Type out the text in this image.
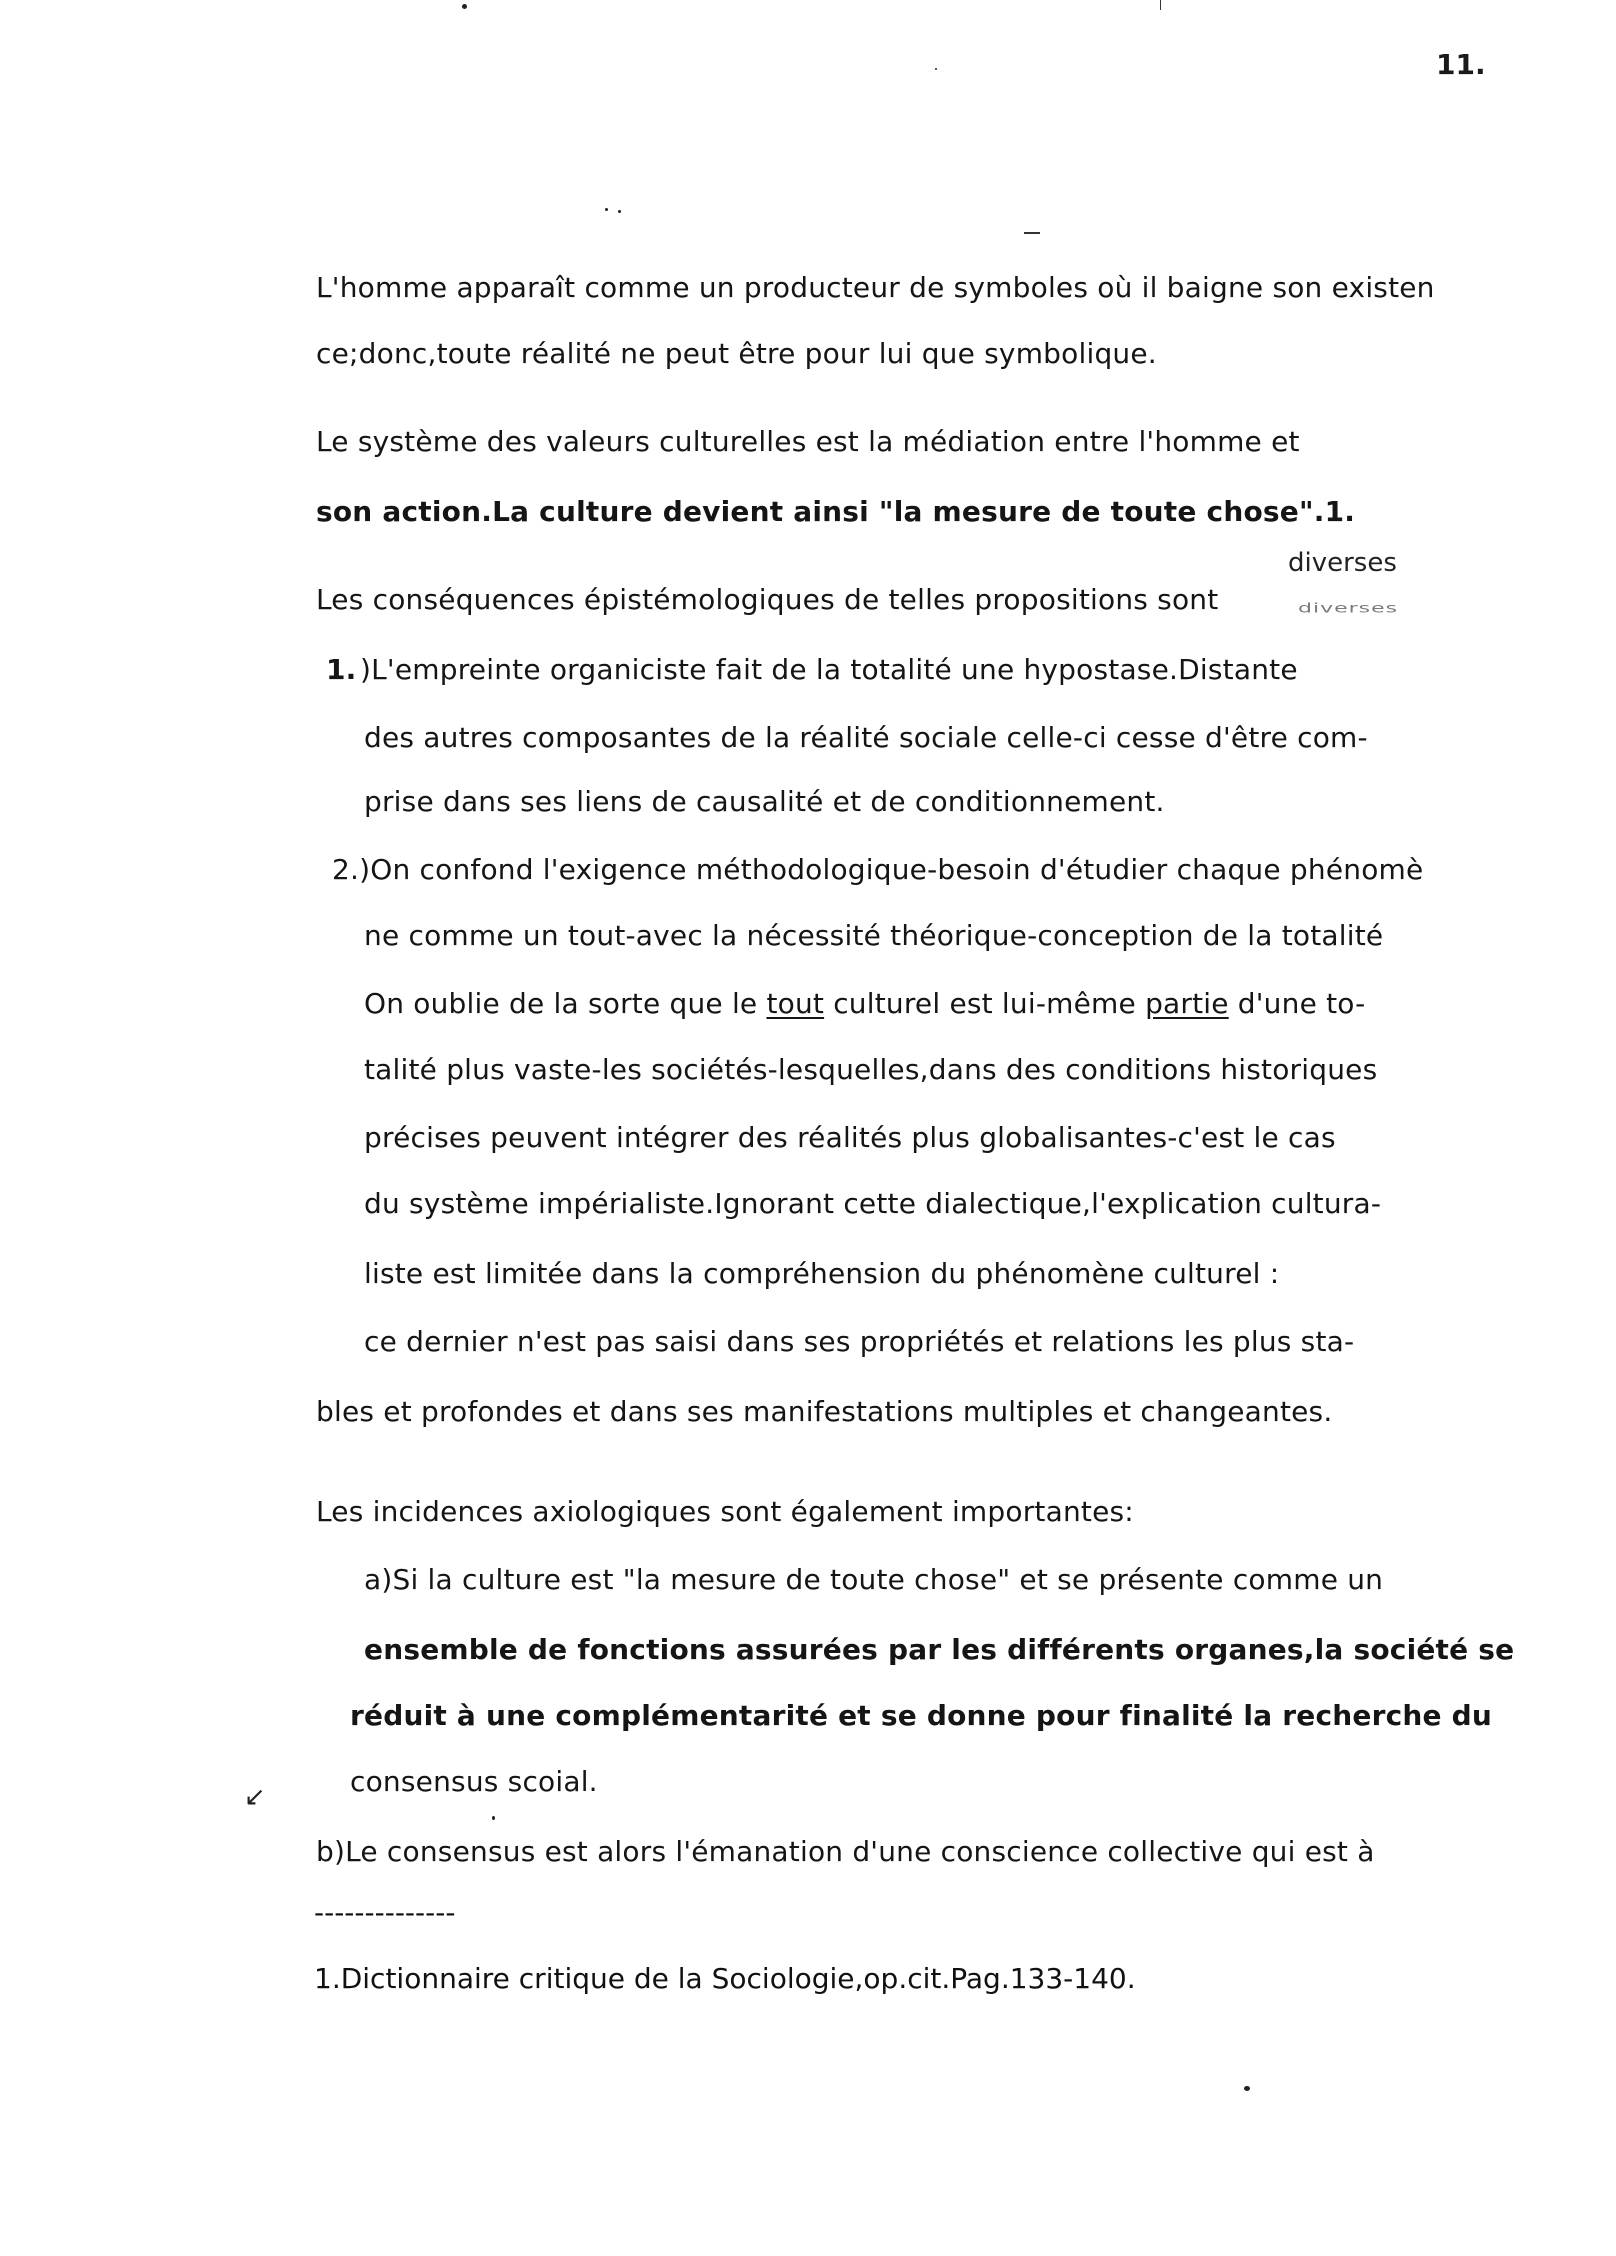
11.
L'homme apparaît comme un producteur de symboles où il baigne son existen
ce;donc,toute réalité ne peut être pour lui que symbolique.
Le système des valeurs culturelles est la médiation entre l'homme et
son action.La culture devient ainsi "la mesure de toute chose".1.
diverses
Les conséquences épistémologiques de telles propositions sont	diverses
1. )L'empreinte organiciste fait de la totalité une hypostase.Distante
des autres composantes de la réalité sociale celle-ci cesse d'être com-
prise dans ses liens de causalité et de conditionnement.
2.)On confond l'exigence méthodologique-besoin d'étudier chaque phénomè
ne comme un tout-avec la nécessité théorique-conception de la totalité
On oublie de la sorte que le tout culturel est lui-même partie d'une to-
talité plus vaste-les sociétés-lesquelles,dans des conditions historiques
précises peuvent intégrer des réalités plus globalisantes-c'est le cas
du système impérialiste.Ignorant cette dialectique,l'explication cultura-
liste est limitée dans la compréhension du phénomène culturel :
ce dernier n'est pas saisi dans ses propriétés et relations les plus sta-
bles et profondes et dans ses manifestations multiples et changeantes.
Les incidences axiologiques sont également importantes:
a)Si la culture est "la mesure de toute chose" et se présente comme un
ensemble de fonctions assurées par les différents organes,la société se
réduit à une complémentarité et se donne pour finalité la recherche du
consensus scoial.
↙
b)Le consensus est alors l'émanation d'une conscience collective qui est à
--------------
1.Dictionnaire critique de la Sociologie,op.cit.Pag.133-140.
